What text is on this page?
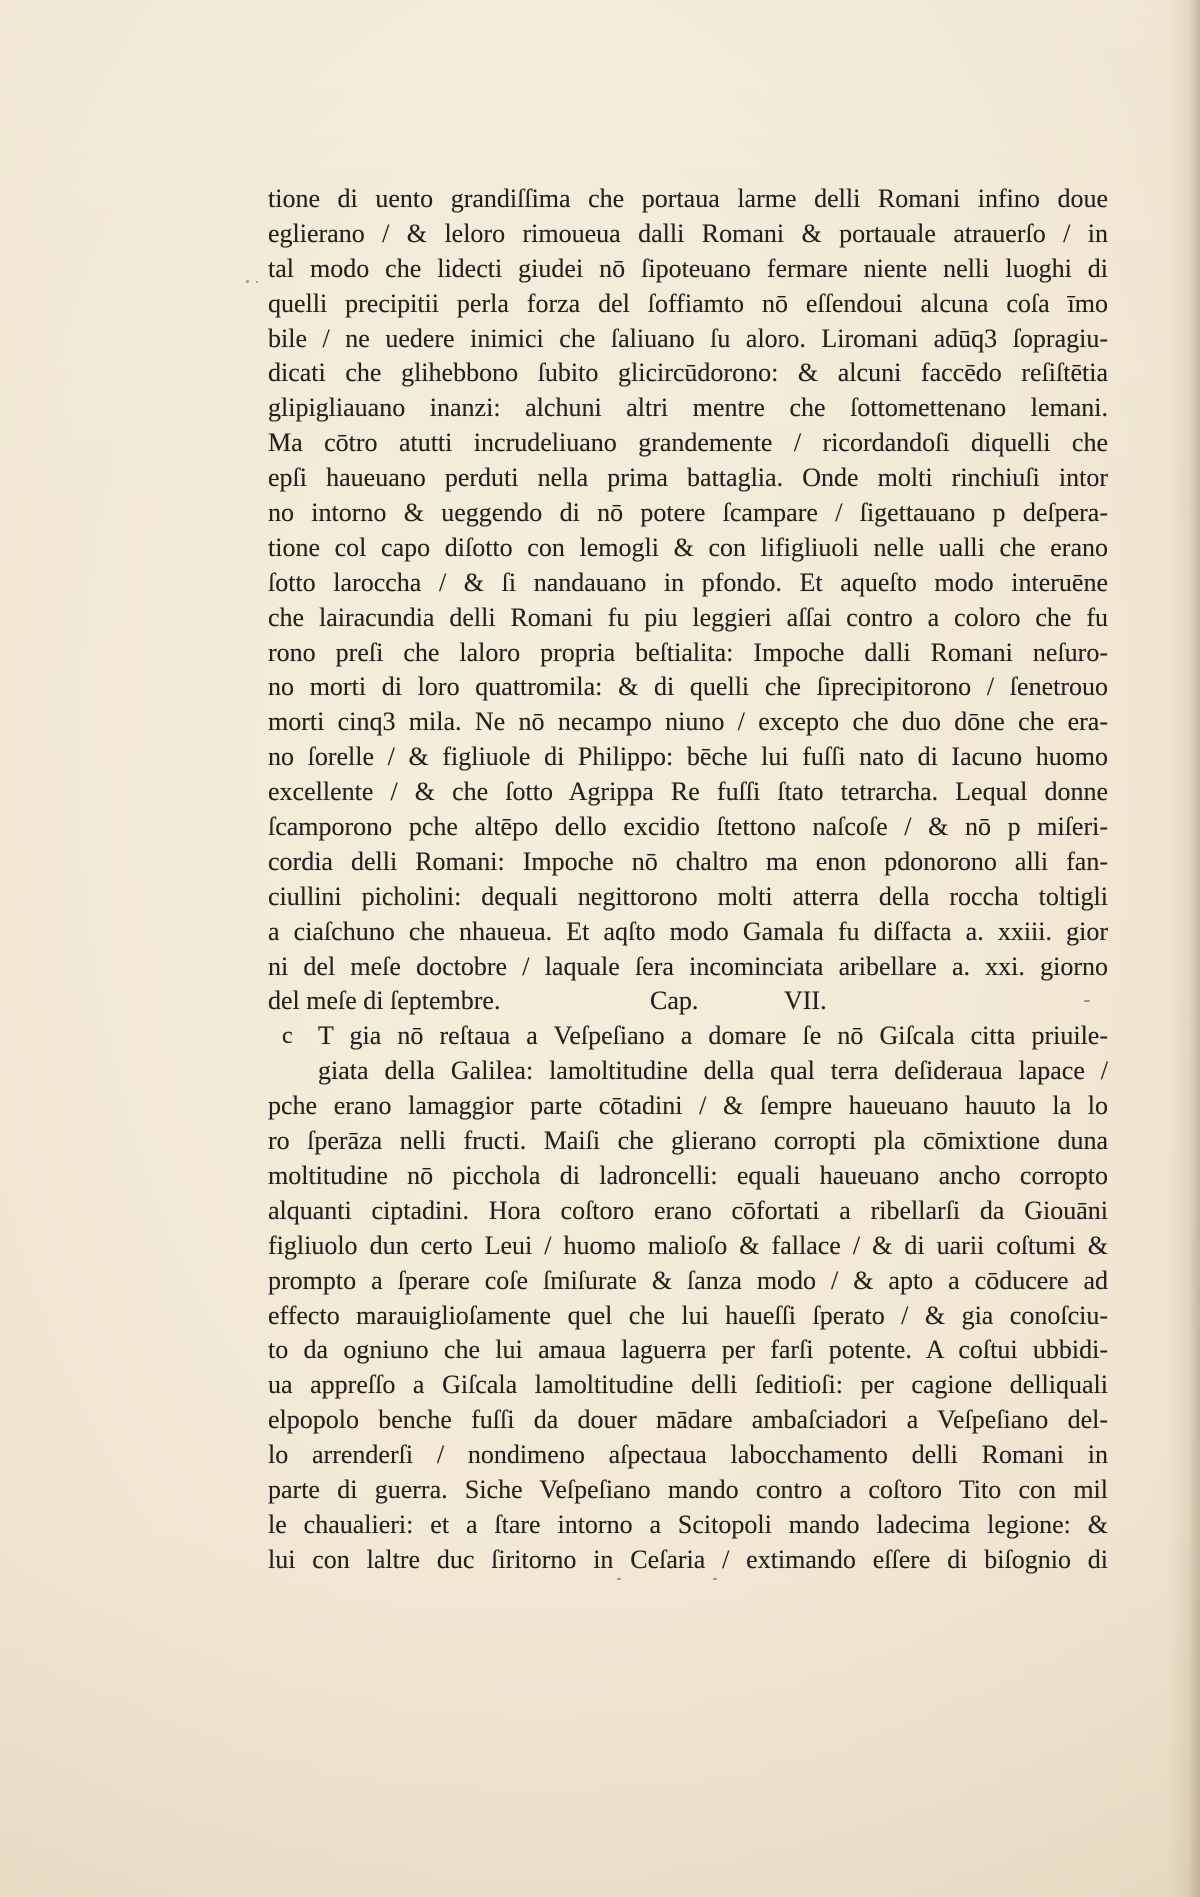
tione di uento grandiſſima che portaua larme delli Romani infino doue
eglierano / & leloro rimoueua dalli Romani & portauale atrauerſo / in
tal modo che lidecti giudei nō ſipoteuano fermare niente nelli luoghi di
quelli precipitii perla forza del ſoffiamto nō eſſendoui alcuna coſa īmo
bile / ne uedere inimici che ſaliuano ſu aloro. Liromani adūq3 ſopragiu-
dicati che glihebbono ſubito glicircūdorono: & alcuni faccēdo reſiſtētia
glipigliauano inanzi: alchuni altri mentre che ſottomettenano lemani.
Ma cōtro atutti incrudeliuano grandemente / ricordandoſi diquelli che
epſi haueuano perduti nella prima battaglia. Onde molti rinchiuſi intor
no intorno & ueggendo di nō potere ſcampare / ſigettauano p deſpera-
tione col capo diſotto con lemogli & con lifigliuoli nelle ualli che erano
ſotto laroccha / & ſi nandauano in pfondo. Et aqueſto modo interuēne
che lairacundia delli Romani fu piu leggieri aſſai contro a coloro che fu
rono preſi che laloro propria beſtialita: Impoche dalli Romani neſuro-
no morti di loro quattromila: & di quelli che ſiprecipitorono / ſenetrouo
morti cinq3 mila. Ne nō necampo niuno / excepto che duo dōne che era-
no ſorelle / & figliuole di Philippo: bēche lui fuſſi nato di Iacuno huomo
excellente / & che ſotto Agrippa Re fuſſi ſtato tetrarcha. Lequal donne
ſcamporono pche altēpo dello excidio ſtettono naſcoſe / & nō p miſeri-
cordia delli Romani: Impoche nō chaltro ma enon pdonorono alli fan-
ciullini picholini: dequali negittorono molti atterra della roccha toltigli
a ciaſchuno che nhaueua. Et aqſto modo Gamala fu diſfacta a. xxiii. gior
ni del meſe doctobre / laquale ſera incominciata aribellare a. xxi. giorno
del meſe di ſeptembre.	Cap.	VII.
c T gia nō reſtaua a Veſpeſiano a domare ſe nō Giſcala citta priuile-
giata della Galilea: lamoltitudine della qual terra deſideraua lapace /
pche erano lamaggior parte cōtadini / & ſempre haueuano hauuto la lo
ro ſperāza nelli fructi. Maiſi che glierano corropti pla cōmixtione duna
moltitudine nō picchola di ladroncelli: equali haueuano ancho corropto
alquanti ciptadini. Hora coſtoro erano cōfortati a ribellarſi da Giouāni
figliuolo dun certo Leui / huomo malioſo & fallace / & di uarii coſtumi &
prompto a ſperare coſe ſmiſurate & ſanza modo / & apto a cōducere ad
effecto marauiglioſamente quel che lui haueſſi ſperato / & gia conoſciu-
to da ogniuno che lui amaua laguerra per farſi potente. A coſtui ubbidi-
ua appreſſo a Giſcala lamoltitudine delli ſeditioſi: per cagione delliquali
elpopolo benche fuſſi da douer mādare ambaſciadori a Veſpeſiano del-
lo arrenderſi / nondimeno aſpectaua labocchamento delli Romani in
parte di guerra. Siche Veſpeſiano mando contro a coſtoro Tito con mil
le chaualieri: et a ſtare intorno a Scitopoli mando ladecima legione: &
lui con laltre duc ſiritorno in Ceſaria / extimando eſſere di biſognio di
